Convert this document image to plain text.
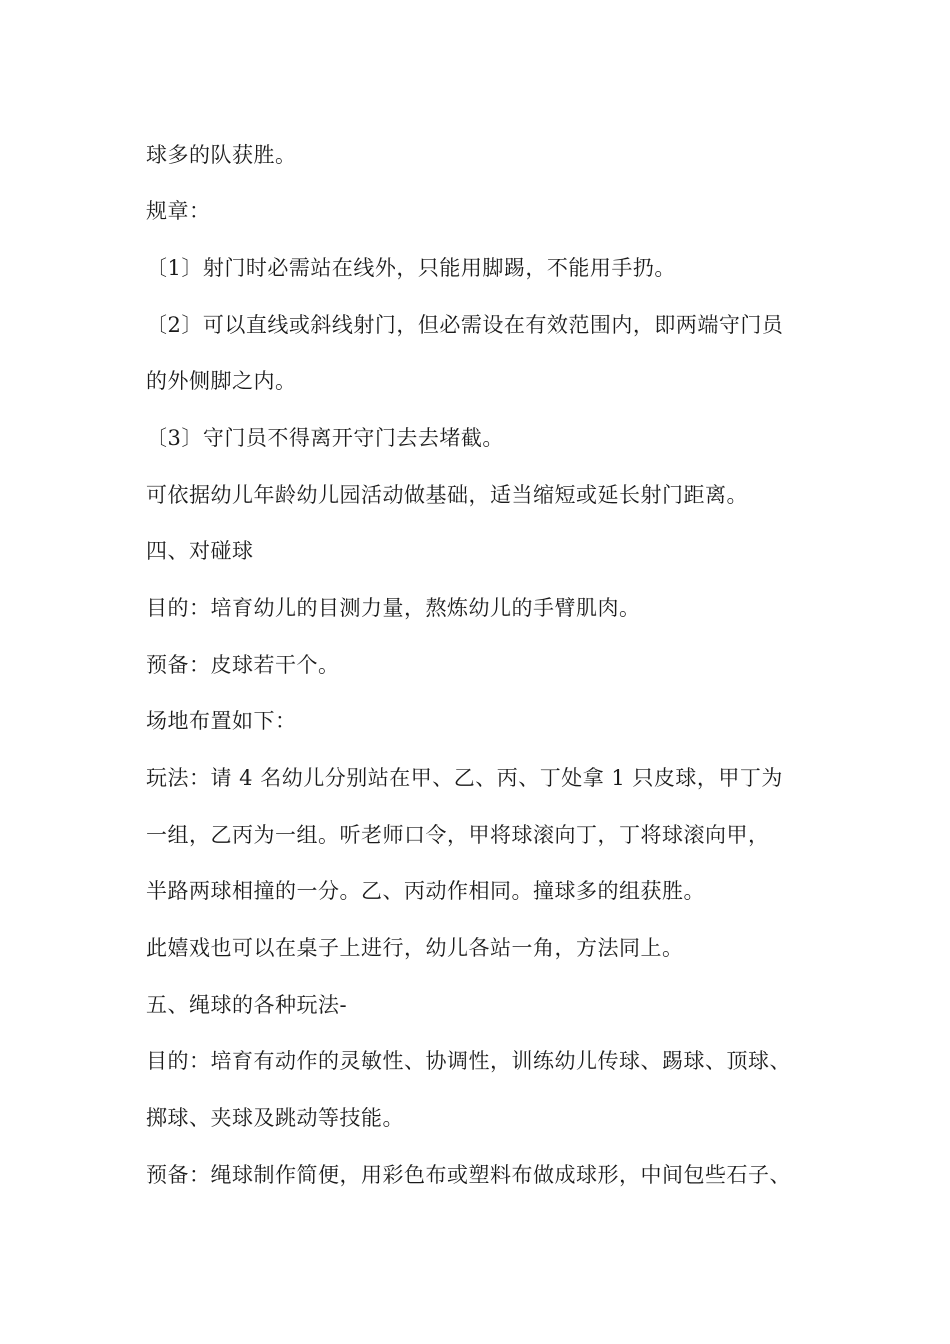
球多的队获胜。
规章：
〔1〕射门时必需站在线外，只能用脚踢，不能用手扔。
〔2〕可以直线或斜线射门，但必需设在有效范围内，即两端守门员
的外侧脚之内。
〔3〕守门员不得离开守门去去堵截。
可依据幼儿年龄幼儿园活动做基础，适当缩短或延长射门距离。
四、对碰球
目的：培育幼儿的目测力量，熬炼幼儿的手臂肌肉。
预备：皮球若干个。
场地布置如下：
玩法：请 4 名幼儿分别站在甲、乙、丙、丁处拿 1 只皮球，甲丁为
一组，乙丙为一组。听老师口令，甲将球滚向丁，丁将球滚向甲，
半路两球相撞的一分。乙、丙动作相同。撞球多的组获胜。
此嬉戏也可以在桌子上进行，幼儿各站一角，方法同上。
五、绳球的各种玩法-
目的：培育有动作的灵敏性、协调性，训练幼儿传球、踢球、顶球、
掷球、夹球及跳动等技能。
预备：绳球制作简便，用彩色布或塑料布做成球形，中间包些石子、
